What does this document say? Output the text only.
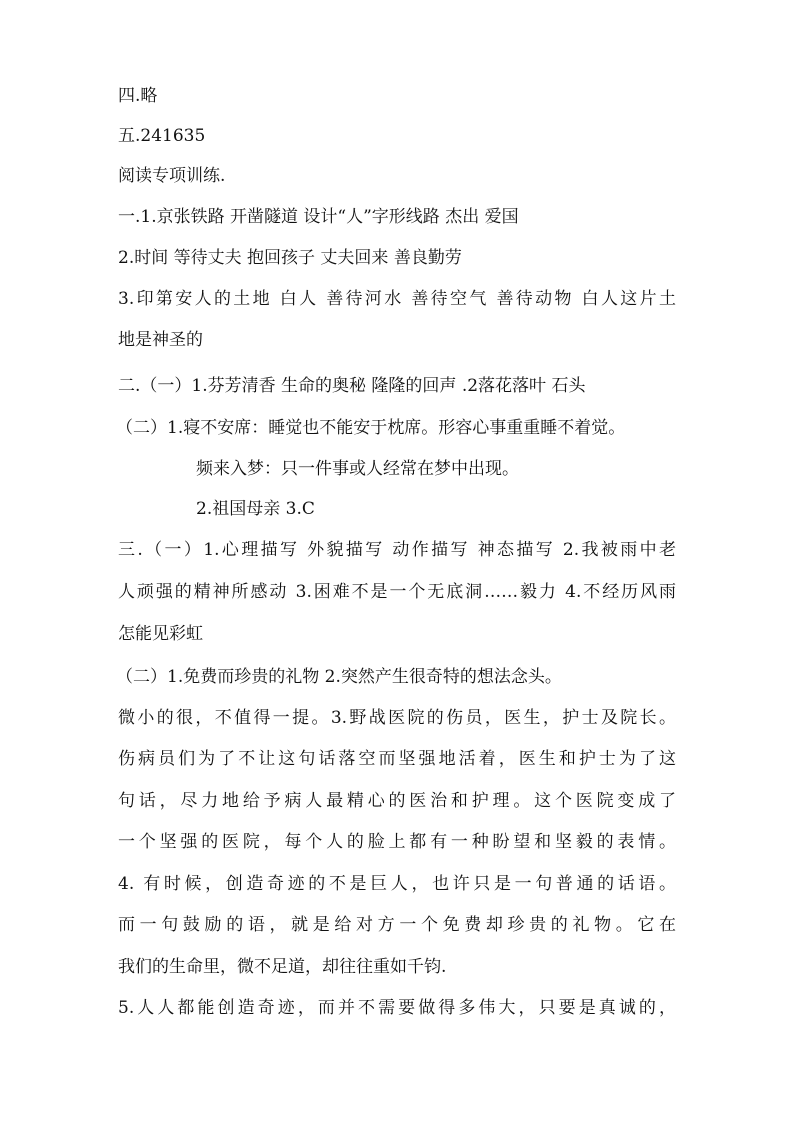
四.略
五.241635
阅读专项训练.
一.1.京张铁路 开凿隧道 设计“人”字形线路 杰出 爱国
2.时间 等待丈夫 抱回孩子 丈夫回来 善良勤劳
3.印第安人的土地 白人 善待河水 善待空气 善待动物 白人这片土
地是神圣的
二.（一）1.芬芳清香 生命的奥秘 隆隆的回声 .2落花落叶 石头
（二）1.寝不安席：睡觉也不能安于枕席。形容心事重重睡不着觉。
频来入梦：只一件事或人经常在梦中出现。
2.祖国母亲 3.C
三.（一）1.心理描写 外貌描写 动作描写 神态描写 2.我被雨中老
人顽强的精神所感动 3.困难不是一个无底洞……毅力 4.不经历风雨
怎能见彩虹
（二）1.免费而珍贵的礼物 2.突然产生很奇特的想法念头。
微小的很，不值得一提。3.野战医院的伤员，医生，护士及院长。
伤病员们为了不让这句话落空而坚强地活着，医生和护士为了这
句话，尽力地给予病人最精心的医治和护理。这个医院变成了
一个坚强的医院，每个人的脸上都有一种盼望和坚毅的表情。
4. 有时候，创造奇迹的不是巨人，也许只是一句普通的话语。
而一句鼓励的语，就是给对方一个免费却珍贵的礼物。它在
我们的生命里，微不足道，却往往重如千钧.
5.人人都能创造奇迹，而并不需要做得多伟大，只要是真诚的，
